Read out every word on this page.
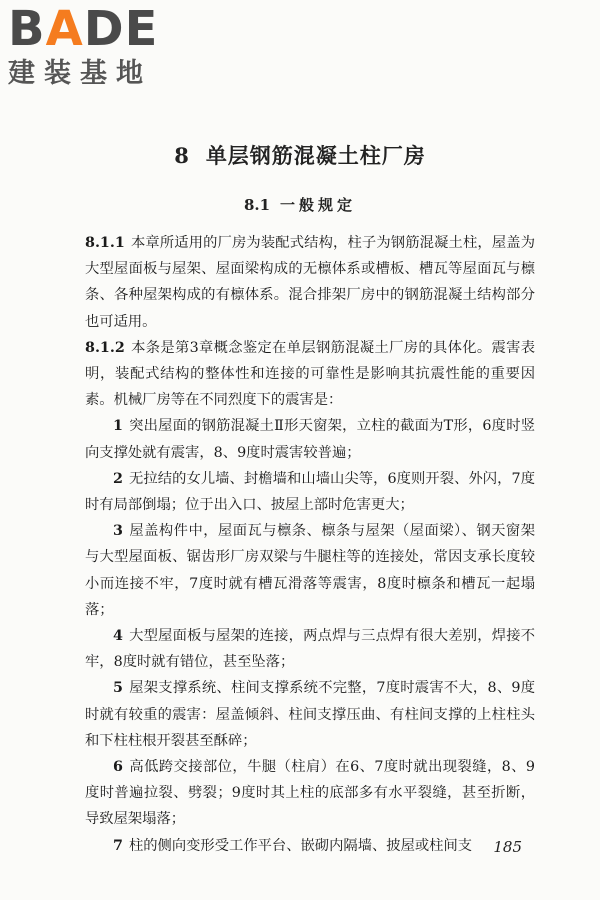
BADE
建装基地
8 单层钢筋混凝土柱厂房
8.1 一般规定

8.1.1 本章所适用的厂房为装配式结构，柱子为钢筋混凝土柱，屋盖为大型屋面板与屋架、屋面梁构成的无檩体系或槽板、槽瓦等屋面瓦与檩条、各种屋架构成的有檩体系。混合排架厂房中的钢筋混凝土结构部分也可适用。

8.1.2 本条是第3章概念鉴定在单层钢筋混凝土厂房的具体化。震害表明，装配式结构的整体性和连接的可靠性是影响其抗震性能的重要因素。机械厂房等在不同烈度下的震害是：

1 突出屋面的钢筋混凝土Ⅱ形天窗架，立柱的截面为T形，6度时竖向支撑处就有震害，8、9度时震害较普遍；

2 无拉结的女儿墙、封檐墙和山墙山尖等，6度则开裂、外闪，7度时有局部倒塌；位于出入口、披屋上部时危害更大；

3 屋盖构件中，屋面瓦与檩条、檩条与屋架（屋面梁）、钢天窗架与大型屋面板、锯齿形厂房双梁与牛腿柱等的连接处，常因支承长度较小而连接不牢，7度时就有槽瓦滑落等震害，8度时檩条和槽瓦一起塌落；

4 大型屋面板与屋架的连接，两点焊与三点焊有很大差别，焊接不牢，8度时就有错位，甚至坠落；

5 屋架支撑系统、柱间支撑系统不完整，7度时震害不大，8、9度时就有较重的震害：屋盖倾斜、柱间支撑压曲、有柱间支撑的上柱柱头和下柱柱根开裂甚至酥碎；

6 高低跨交接部位，牛腿（柱肩）在6、7度时就出现裂缝，8、9度时普遍拉裂、劈裂；9度时其上柱的底部多有水平裂缝，甚至折断，导致屋架塌落；

7 柱的侧向变形受工作平台、嵌砌内隔墙、披屋或柱间支	185
